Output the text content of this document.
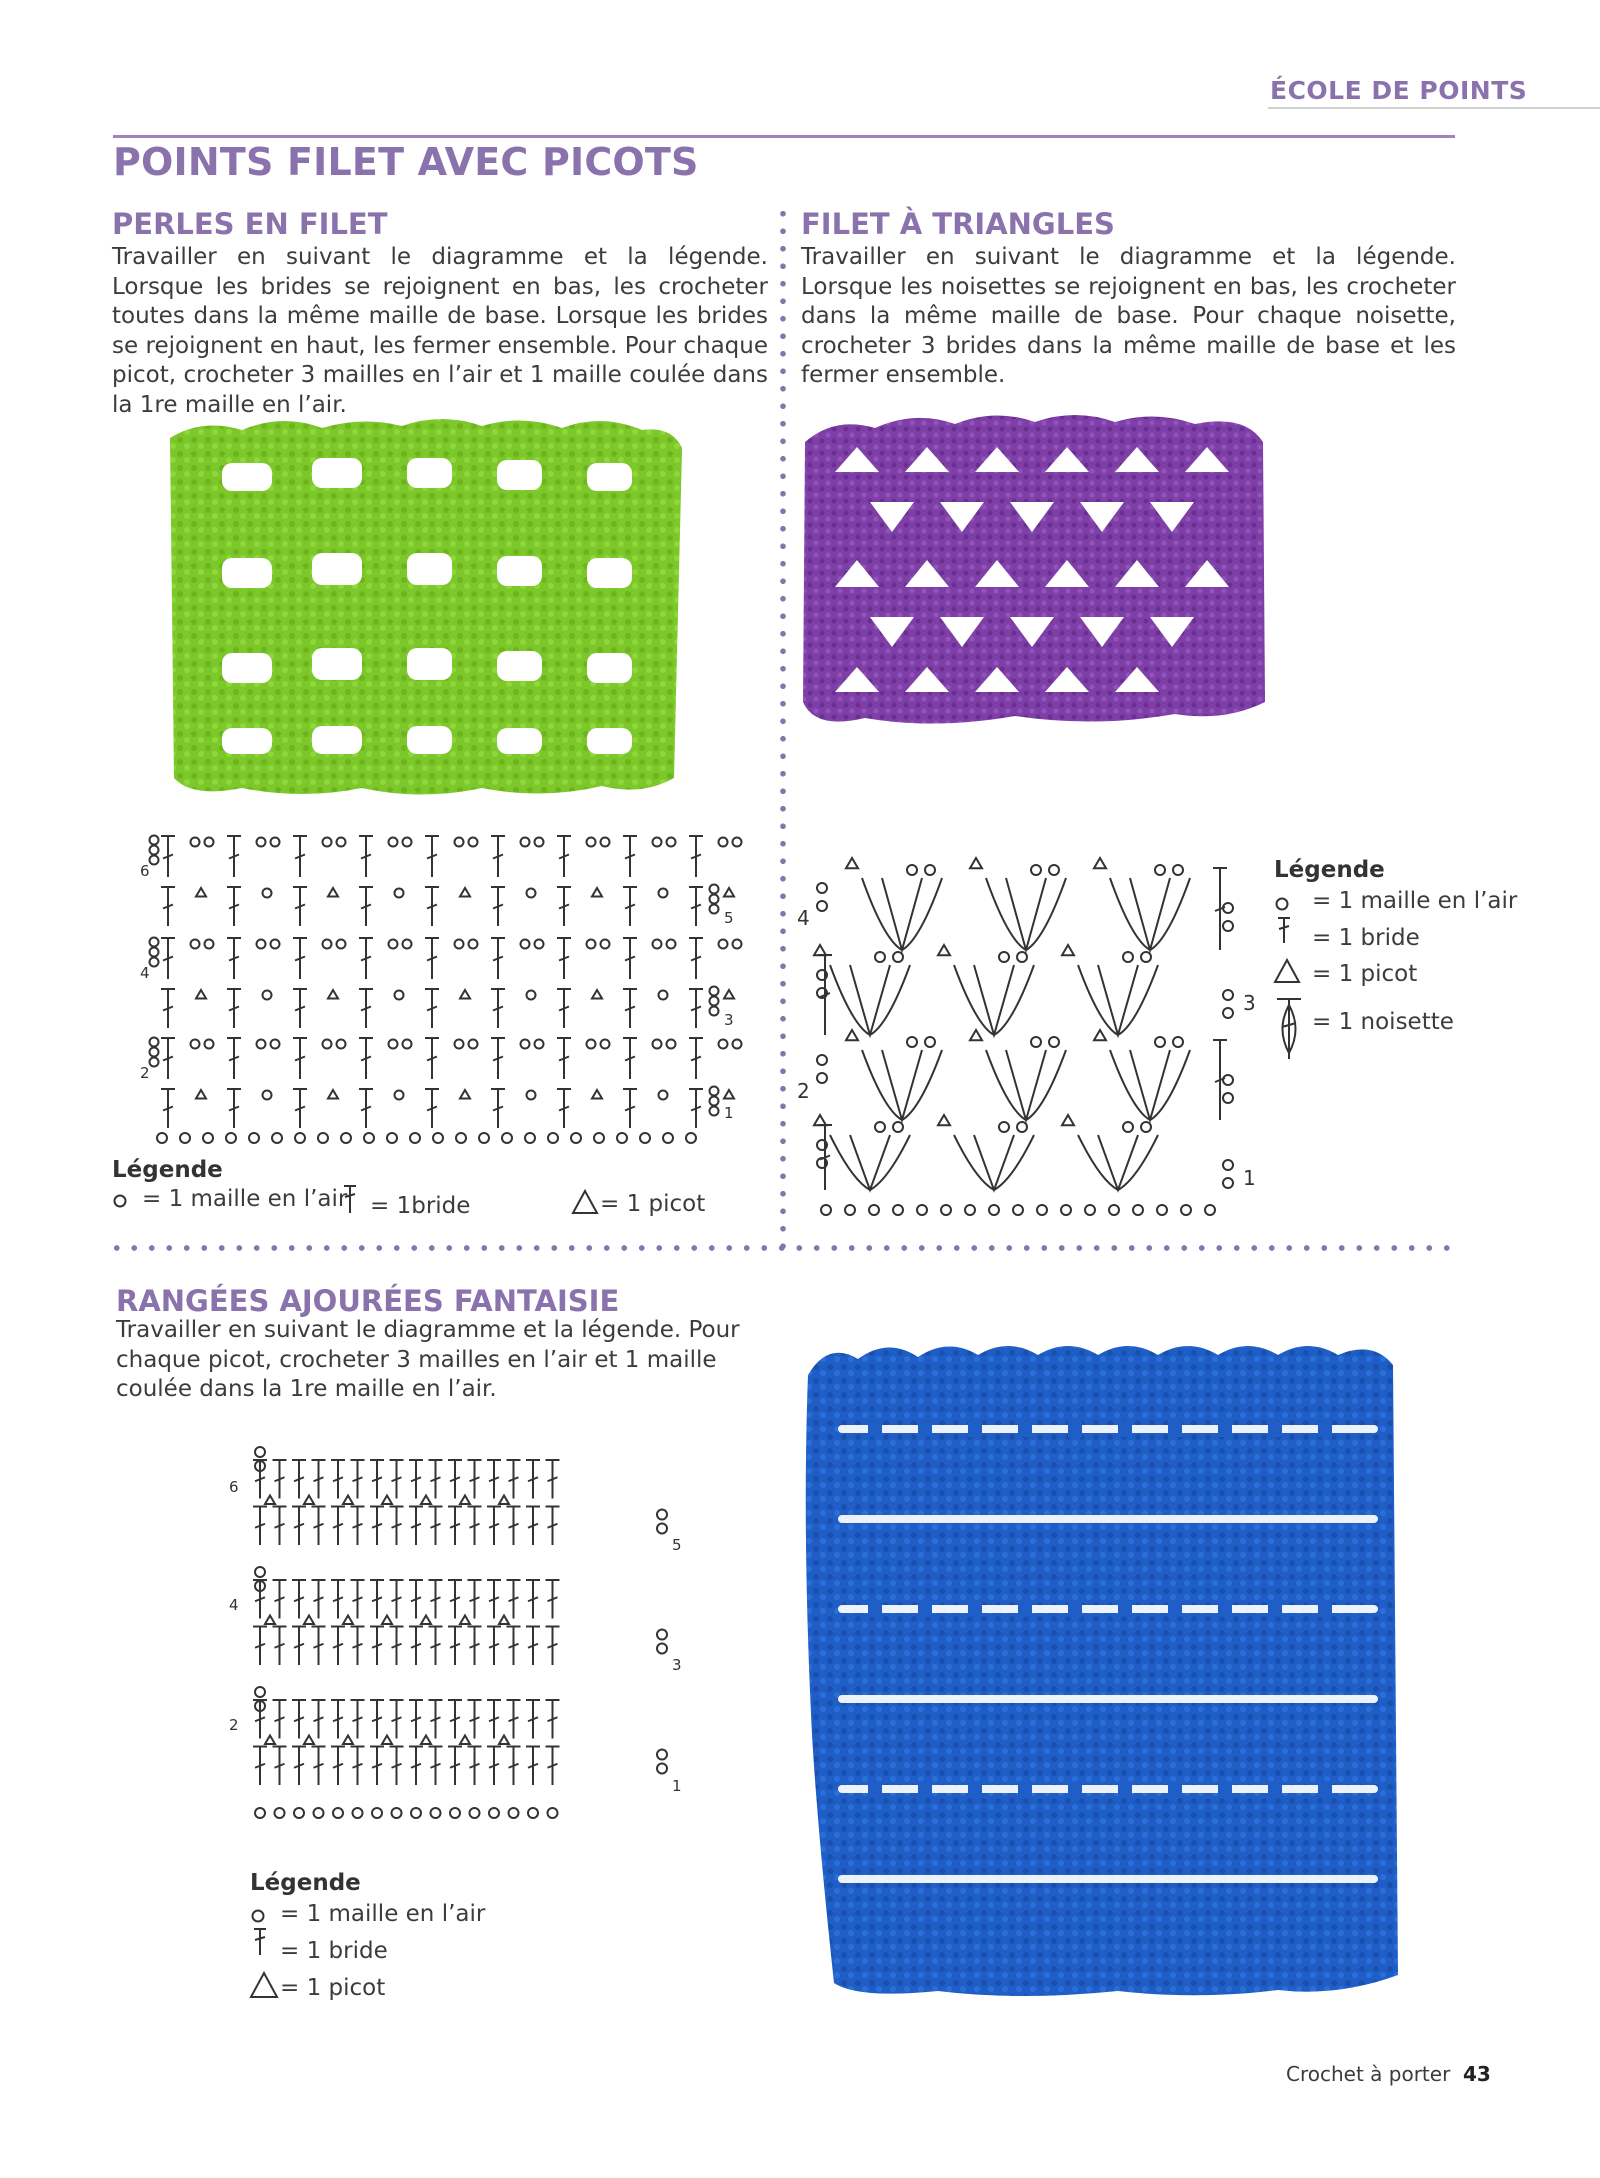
ÉCOLE DE POINTS
POINTS FILET AVEC PICOTS
PERLES EN FILET
Travailler en suivant le diagramme et la légende. Lorsque les brides se rejoignent en bas, les crocheter toutes dans la même maille de base. Lorsque les brides se rejoignent en haut, les fermer ensemble. Pour chaque picot, crocheter 3 mailles en l’air et 1 maille coulée dans la 1re maille en l’air.
6
5
4
3
2
1
Légende
= 1 maille en l’air = 1bride	= 1 picot
FILET À TRIANGLES
Travailler en suivant le diagramme et la légende. Lorsque les noisettes se rejoignent en bas, les crocheter dans la même maille de base. Pour chaque noisette, crocheter 3 brides dans la même maille de base et les fermer ensemble.
4
3
2
1
Légende
= 1 maille en l’air
= 1 bride
= 1 picot
= 1 noisette
RANGÉES AJOURÉES FANTAISIE
Travailler en suivant le diagramme et la légende. Pour chaque picot, crocheter 3 mailles en l’air et 1 maille coulée dans la 1re maille en l’air.
6
5
4
3
2
1
Légende
= 1 maille en l’air
= 1 bride
= 1 picot
Crochet à porter 43
